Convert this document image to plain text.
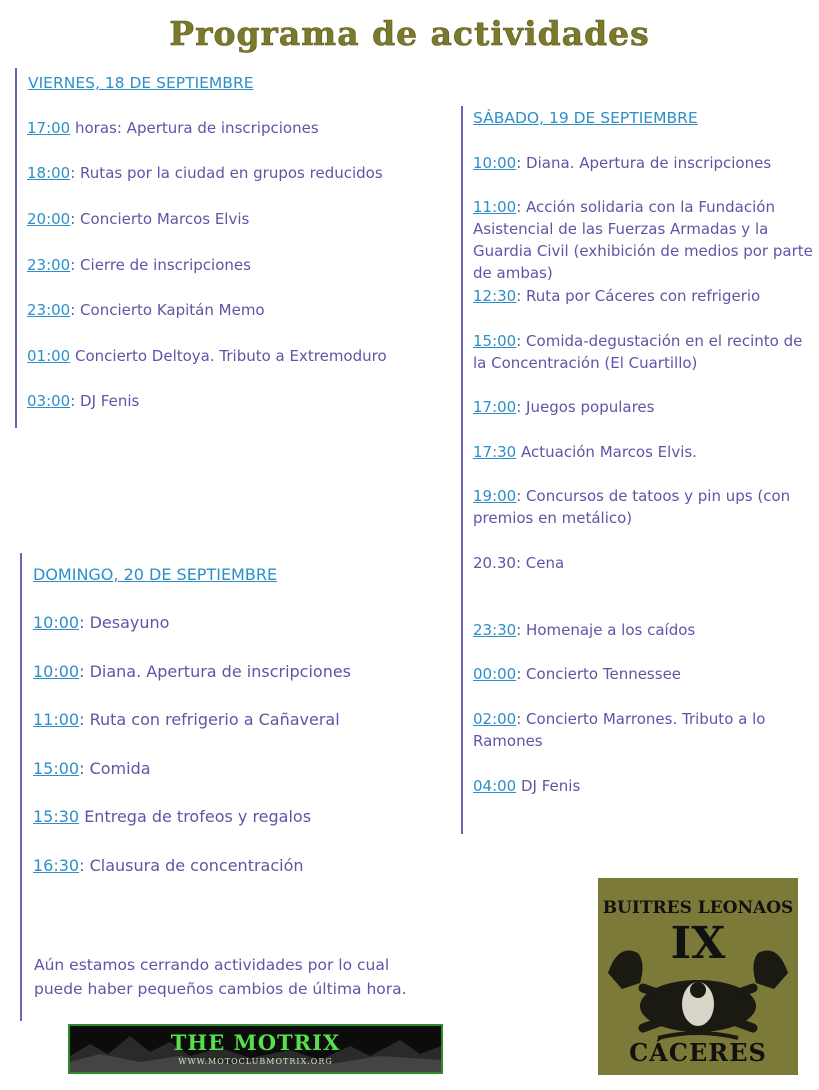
Programa de actividades
VIERNES, 18 DE SEPTIEMBRE
17:00 horas: Apertura de inscripciones
18:00: Rutas por la ciudad en grupos reducidos
20:00: Concierto Marcos Elvis
23:00: Cierre de inscripciones
23:00: Concierto Kapitán Memo
01:00 Concierto Deltoya. Tributo a Extremoduro
03:00: DJ Fenis
SÁBADO, 19 DE SEPTIEMBRE
10:00: Diana. Apertura de inscripciones
11:00: Acción solidaria con la Fundación Asistencial de las Fuerzas Armadas y la Guardia Civil (exhibición de medios por parte de ambas)
12:30: Ruta por Cáceres con refrigerio
15:00: Comida-degustación en el recinto de la Concentración (El Cuartillo)
17:00: Juegos populares
17:30 Actuación Marcos Elvis.
19:00: Concursos de tatoos y pin ups (con premios en metálico)
20.30: Cena
23:30: Homenaje a los caídos
00:00: Concierto Tennessee
02:00: Concierto Marrones. Tributo a lo Ramones
04:00 DJ Fenis
DOMINGO, 20 DE SEPTIEMBRE
10:00: Desayuno
10:00: Diana. Apertura de inscripciones
11:00: Ruta con refrigerio a Cañaveral
15:00: Comida
15:30 Entrega de trofeos y regalos
16:30: Clausura de concentración
Aún estamos cerrando actividades por lo cual puede haber pequeños cambios de última hora.
THE MOTRIX
WWW.MOTOCLUBMOTRIX.ORG
BUITRES LEONAOS
IX
CÁCERES
